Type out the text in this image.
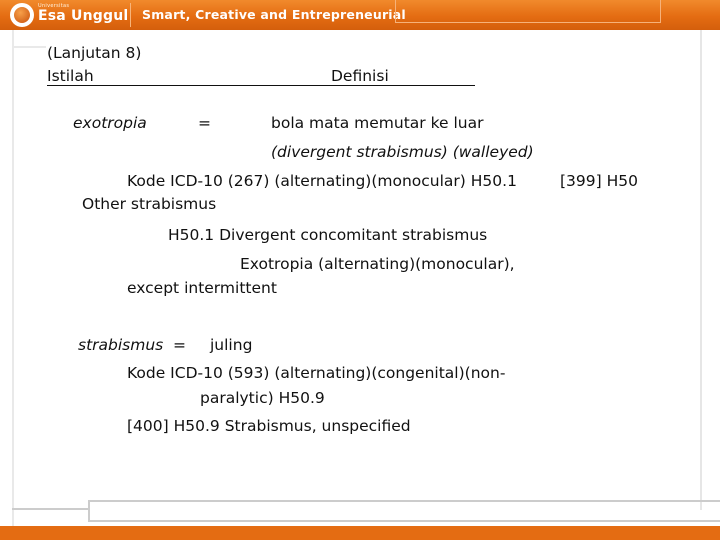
Universitas
Esa Unggul Smart, Creative and Entrepreneurial
(Lanjutan 8)
Istilah	Definisi
exotropia	=	bola mata memutar ke luar
(divergent strabismus) (walleyed)
Kode ICD-10 (267) (alternating)(monocular) H50.1	[399] H50
Other strabismus
H50.1 Divergent concomitant strabismus
Exotropia (alternating)(monocular),
except intermittent
strabismus = juling
Kode ICD-10 (593) (alternating)(congenital)(non-
paralytic) H50.9
[400] H50.9 Strabismus, unspecified
